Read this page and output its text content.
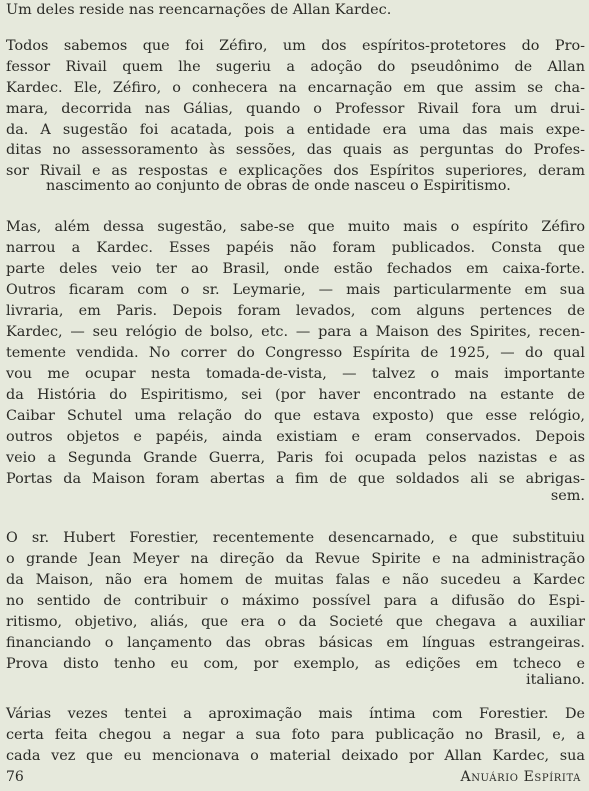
Um deles reside nas reencarnações de Allan Kardec.
Todos sabemos que foi Zéfiro, um dos espíritos-protetores do Pro-
fessor Rivail quem lhe sugeriu a adoção do pseudônimo de Allan
Kardec. Ele, Zéfiro, o conhecera na encarnação em que assim se cha-
mara, decorrida nas Gálias, quando o Professor Rivail fora um drui-
da. A sugestão foi acatada, pois a entidade era uma das mais expe-
ditas no assessoramento às sessões, das quais as perguntas do Profes-
sor Rivail e as respostas e explicações dos Espíritos superiores, deram
nascimento ao conjunto de obras de onde nasceu o Espiritismo.
Mas, além dessa sugestão, sabe-se que muito mais o espírito Zéfiro
narrou a Kardec. Esses papéis não foram publicados. Consta que
parte deles veio ter ao Brasil, onde estão fechados em caixa-forte.
Outros ficaram com o sr. Leymarie, — mais particularmente em sua
livraria, em Paris. Depois foram levados, com alguns pertences de
Kardec, — seu relógio de bolso, etc. — para a Maison des Spirites, recen-
temente vendida. No correr do Congresso Espírita de 1925, — do qual
vou me ocupar nesta tomada-de-vista, — talvez o mais importante
da História do Espiritismo, sei (por haver encontrado na estante de
Caibar Schutel uma relação do que estava exposto) que esse relógio,
outros objetos e papéis, ainda existiam e eram conservados. Depois
veio a Segunda Grande Guerra, Paris foi ocupada pelos nazistas e as
Portas da Maison foram abertas a fim de que soldados ali se abrigas-
sem.
O sr. Hubert Forestier, recentemente desencarnado, e que substituiu
o grande Jean Meyer na direção da Revue Spirite e na administração
da Maison, não era homem de muitas falas e não sucedeu a Kardec
no sentido de contribuir o máximo possível para a difusão do Espi-
ritismo, objetivo, aliás, que era o da Societé que chegava a auxiliar
financiando o lançamento das obras básicas em línguas estrangeiras.
Prova disto tenho eu com, por exemplo, as edições em tcheco e
italiano.
Várias vezes tentei a aproximação mais íntima com Forestier. De
certa feita chegou a negar a sua foto para publicação no Brasil, e, a
cada vez que eu mencionava o material deixado por Allan Kardec, sua
76	Anuário Espírita
